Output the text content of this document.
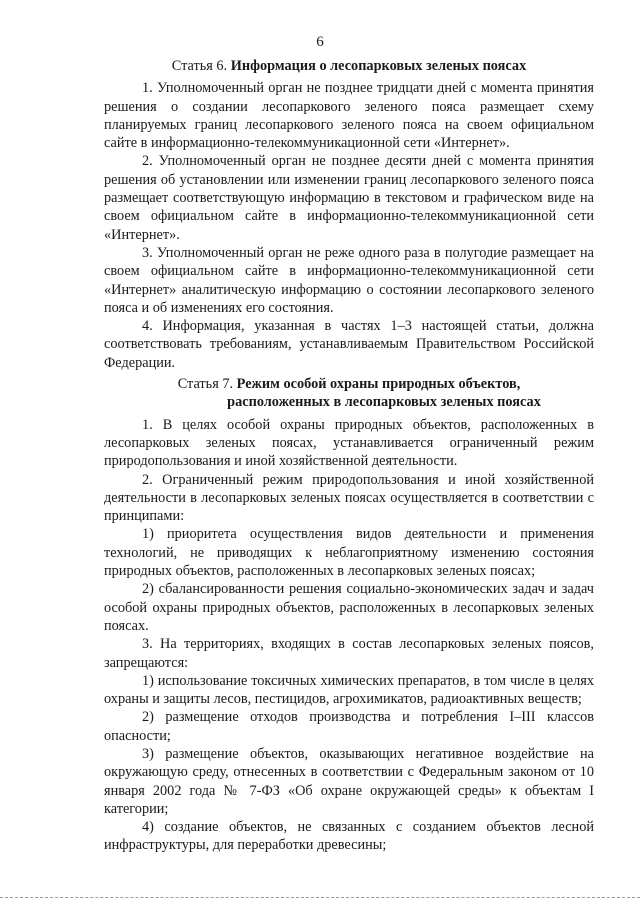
6
Статья 6. Информация о лесопарковых зеленых поясах

1. Уполномоченный орган не позднее тридцати дней с момента принятия решения о создании лесопаркового зеленого пояса размещает схему планируемых границ лесопаркового зеленого пояса на своем официальном сайте в информационно-телекоммуникационной сети «Интернет».

2. Уполномоченный орган не позднее десяти дней с момента принятия решения об установлении или изменении границ лесопаркового зеленого пояса размещает соответствующую информацию в текстовом и графическом виде на своем официальном сайте в информационно-телекоммуникационной сети «Интернет».

3. Уполномоченный орган не реже одного раза в полугодие размещает на своем официальном сайте в информационно-телекоммуникационной сети «Интернет» аналитическую информацию о состоянии лесопаркового зеленого пояса и об изменениях его состояния.

4. Информация, указанная в частях 1–3 настоящей статьи, должна соответствовать требованиям, устанавливаемым Правительством Российской Федерации.

Статья 7. Режим особой охраны природных объектов,
расположенных в лесопарковых зеленых поясах

1. В целях особой охраны природных объектов, расположенных в лесопарковых зеленых поясах, устанавливается ограниченный режим природопользования и иной хозяйственной деятельности.

2. Ограниченный режим природопользования и иной хозяйственной деятельности в лесопарковых зеленых поясах осуществляется в соответствии с принципами:

1) приоритета осуществления видов деятельности и применения технологий, не приводящих к неблагоприятному изменению состояния природных объектов, расположенных в лесопарковых зеленых поясах;

2) сбалансированности решения социально-экономических задач и задач особой охраны природных объектов, расположенных в лесопарковых зеленых поясах.

3. На территориях, входящих в состав лесопарковых зеленых поясов, запрещаются:

1) использование токсичных химических препаратов, в том числе в целях охраны и защиты лесов, пестицидов, агрохимикатов, радиоактивных веществ;

2) размещение отходов производства и потребления I–III классов опасности;

3) размещение объектов, оказывающих негативное воздействие на окружающую среду, отнесенных в соответствии с Федеральным законом от 10 января 2002 года № 7-ФЗ «Об охране окружающей среды» к объектам I категории;

4) создание объектов, не связанных с созданием объектов лесной инфраструктуры, для переработки древесины;
